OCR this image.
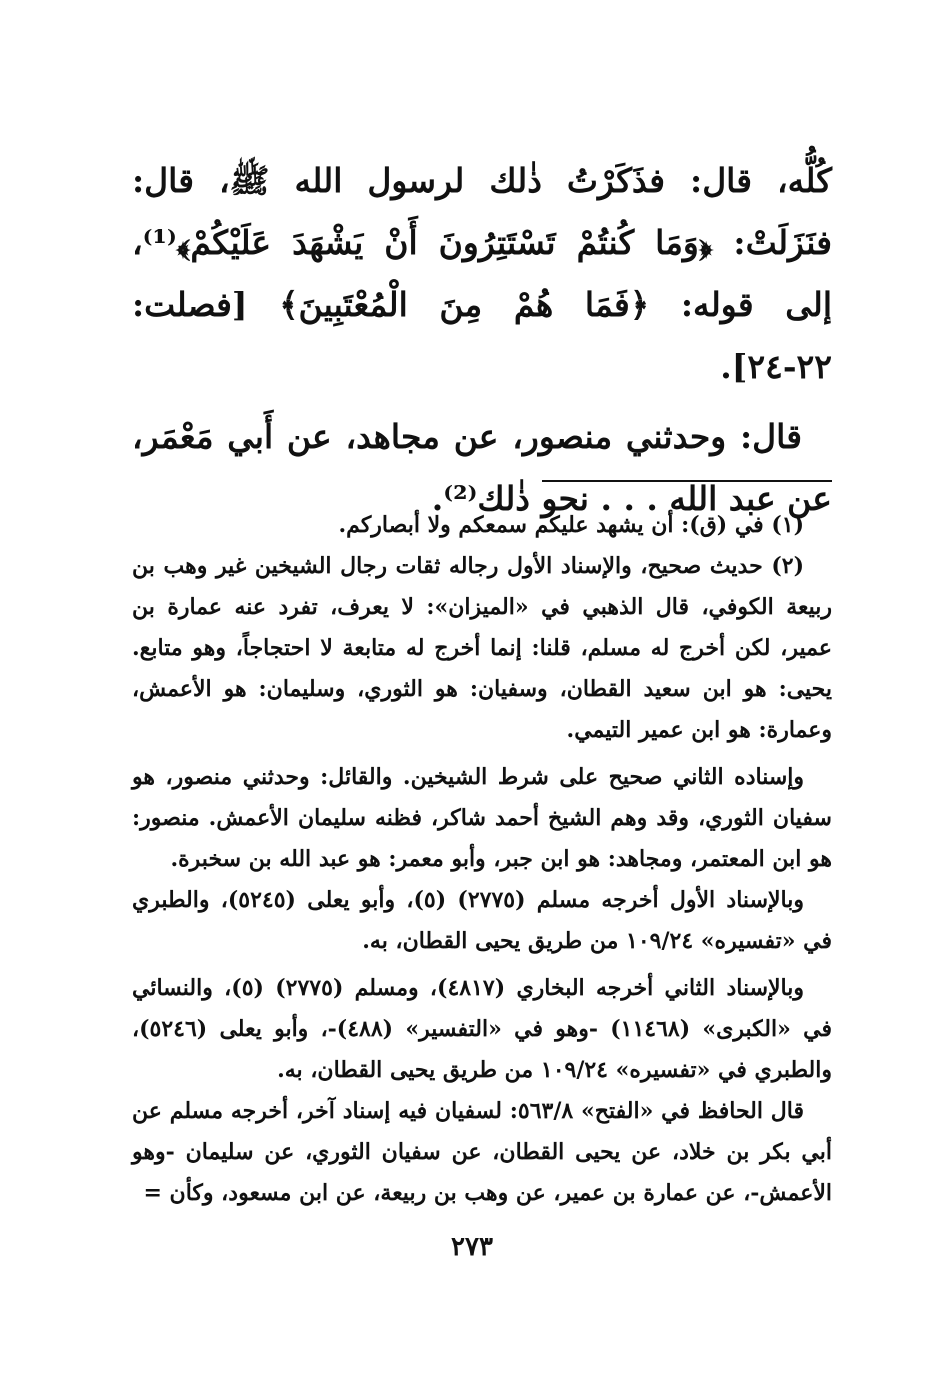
كُلُّه، قال: فذَكَرْتُ ذٰلك لرسول الله ﷺ، قال: فنَزَلَتْ: ﴿وَمَا كُنتُمْ تَسْتَتِرُونَ أَنْ يَشْهَدَ عَلَيْكُمْ﴾⁽¹⁾، إلى قوله: ﴿فَمَا هُمْ مِنَ الْمُعْتَبِينَ﴾ [فصلت: ٢٢-٢٤].

قال: وحدثني منصور، عن مجاهد، عن أَبي مَعْمَر، عن عبد الله . . . نحو ذٰلك⁽²⁾.

(١) في (ق): أن يشهد عليكم سمعكم ولا أبصاركم.

(٢) حديث صحيح، والإسناد الأول رجاله ثقات رجال الشيخين غير وهب بن ربيعة الكوفي، قال الذهبي في «الميزان»: لا يعرف، تفرد عنه عمارة بن عمير، لكن أخرج له مسلم، قلنا: إنما أخرج له متابعة لا احتجاجاً، وهو متابع. يحيى: هو ابن سعيد القطان، وسفيان: هو الثوري، وسليمان: هو الأعمش، وعمارة: هو ابن عمير التيمي.

وإسناده الثاني صحيح على شرط الشيخين. والقائل: وحدثني منصور، هو سفيان الثوري، وقد وهم الشيخ أحمد شاكر، فظنه سليمان الأعمش. منصور: هو ابن المعتمر، ومجاهد: هو ابن جبر، وأبو معمر: هو عبد الله بن سخبرة.

وبالإسناد الأول أخرجه مسلم (٢٧٧٥) (٥)، وأبو يعلى (٥٢٤٥)، والطبري في «تفسيره» ١٠٩/٢٤ من طريق يحيى القطان، به.

وبالإسناد الثاني أخرجه البخاري (٤٨١٧)، ومسلم (٢٧٧٥) (٥)، والنسائي في «الكبرى» (١١٤٦٨) -وهو في «التفسير» (٤٨٨)-، وأبو يعلى (٥٢٤٦)، والطبري في «تفسيره» ١٠٩/٢٤ من طريق يحيى القطان، به.

قال الحافظ في «الفتح» ٥٦٣/٨: لسفيان فيه إسناد آخر، أخرجه مسلم عن أبي بكر بن خلاد، عن يحيى القطان، عن سفيان الثوري، عن سليمان -وهو الأعمش-، عن عمارة بن عمير، عن وهب بن ربيعة، عن ابن مسعود، وكأن =

٢٧٣
